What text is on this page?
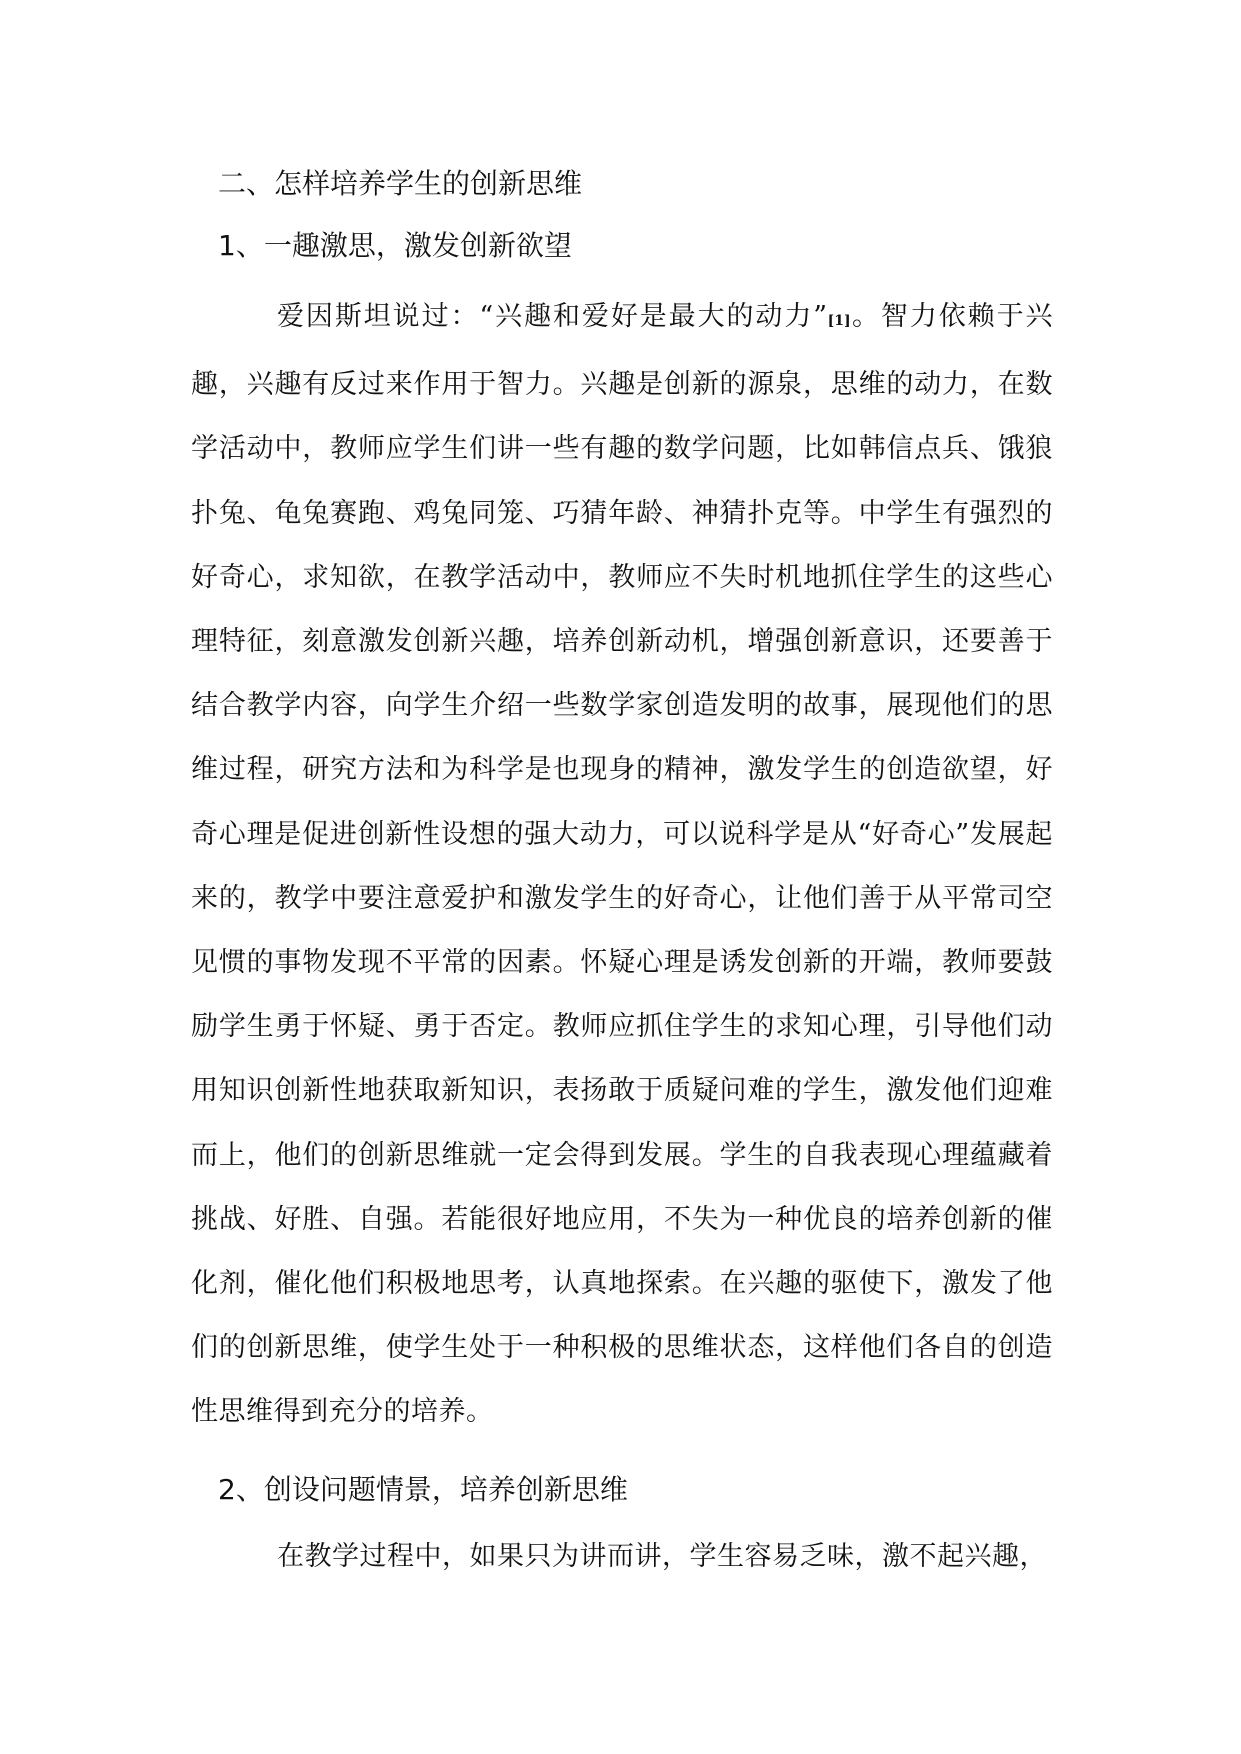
二、怎样培养学生的创新思维
1、一趣激思，激发创新欲望

爱因斯坦说过：“兴趣和爱好是最大的动力”[1]。智力依赖于兴趣，兴趣有反过来作用于智力。兴趣是创新的源泉，思维的动力，在数学活动中，教师应学生们讲一些有趣的数学问题，比如韩信点兵、饿狼扑兔、龟兔赛跑、鸡兔同笼、巧猜年龄、神猜扑克等。中学生有强烈的好奇心，求知欲，在教学活动中，教师应不失时机地抓住学生的这些心理特征，刻意激发创新兴趣，培养创新动机，增强创新意识，还要善于结合教学内容，向学生介绍一些数学家创造发明的故事，展现他们的思维过程，研究方法和为科学是也现身的精神，激发学生的创造欲望，好奇心理是促进创新性设想的强大动力，可以说科学是从“好奇心”发展起来的，教学中要注意爱护和激发学生的好奇心，让他们善于从平常司空见惯的事物发现不平常的因素。怀疑心理是诱发创新的开端，教师要鼓励学生勇于怀疑、勇于否定。教师应抓住学生的求知心理，引导他们动用知识创新性地获取新知识，表扬敢于质疑问难的学生，激发他们迎难而上，他们的创新思维就一定会得到发展。学生的自我表现心理蕴藏着挑战、好胜、自强。若能很好地应用，不失为一种优良的培养创新的催化剂，催化他们积极地思考，认真地探索。在兴趣的驱使下，激发了他们的创新思维，使学生处于一种积极的思维状态，这样他们各自的创造性思维得到充分的培养。

2、创设问题情景，培养创新思维

在教学过程中，如果只为讲而讲，学生容易乏味，激不起兴趣，
